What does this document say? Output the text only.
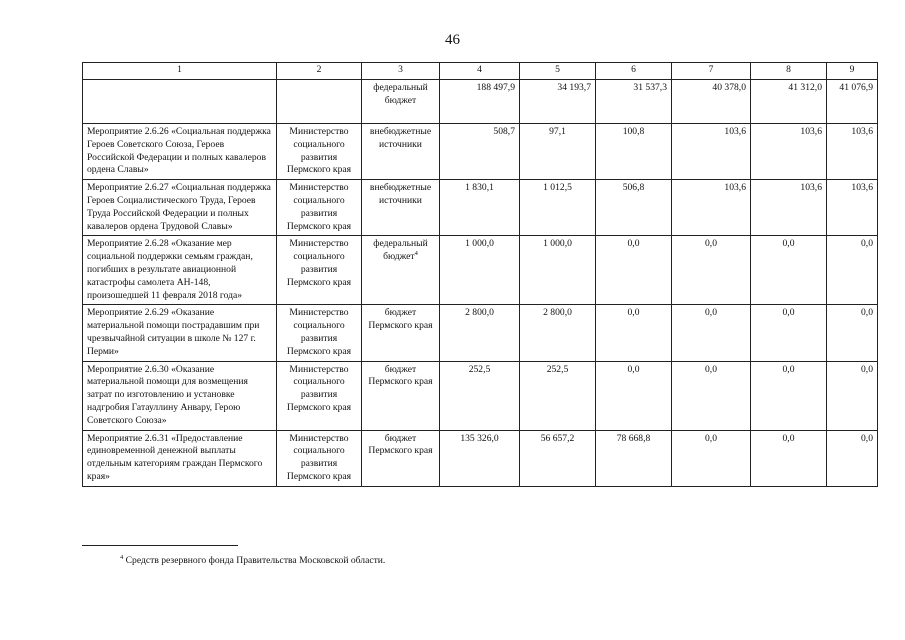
46
1	2	3	4	5	6	7	8	9
		федеральный бюджет	188 497,9	34 193,7	31 537,3	40 378,0	41 312,0	41 076,9
Мероприятие 2.6.26 «Социальная поддержка Героев Советского Союза, Героев Российской Федерации и полных кавалеров ордена Славы»	Министерство социального развития Пермского края	внебюджетные источники	508,7	97,1	100,8	103,6	103,6	103,6
Мероприятие 2.6.27 «Социальная поддержка Героев Социалистического Труда, Героев Труда Российской Федерации и полных кавалеров ордена Трудовой Славы»	Министерство социального развития Пермского края	внебюджетные источники	1 830,1	1 012,5	506,8	103,6	103,6	103,6
Мероприятие 2.6.28 «Оказание мер социальной поддержки семьям граждан, погибших в результате авиационной катастрофы самолета АН-148, произошедшей 11 февраля 2018 года»	Министерство социального развития Пермского края	федеральный бюджет$^4$	1 000,0	1 000,0	0,0	0,0	0,0	0,0
Мероприятие 2.6.29 «Оказание материальной помощи пострадавшим при чрезвычайной ситуации в школе № 127 г. Перми»	Министерство социального развития Пермского края	бюджет Пермского края	2 800,0	2 800,0	0,0	0,0	0,0	0,0
Мероприятие 2.6.30 «Оказание материальной помощи для возмещения затрат по изготовлению и установке надгробия Гатауллину Анвару, Герою Советского Союза»	Министерство социального развития Пермского края	бюджет Пермского края	252,5	252,5	0,0	0,0	0,0	0,0
Мероприятие 2.6.31 «Предоставление единовременной денежной выплаты отдельным категориям граждан Пермского края»	Министерство социального развития Пермского края	бюджет Пермского края	135 326,0	56 657,2	78 668,8	0,0	0,0	0,0
$^4$ Средств резервного фонда Правительства Московской области.
